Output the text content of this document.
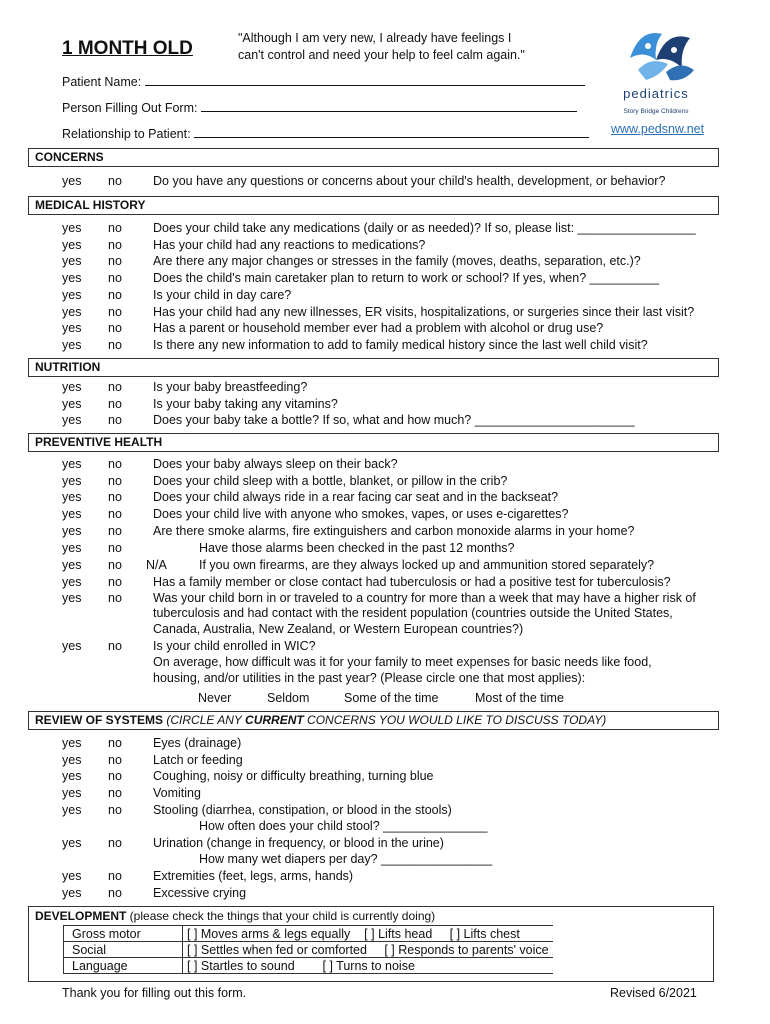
1 MONTH OLD	"Although I am very new, I already have feelings I can't control and need your help to feel calm again."
Patient Name:
Person Filling Out Form:
Relationship to Patient:
pediatrics
Story Bridge Childrens
www.pedsnw.net
CONCERNS
yes no Do you have any questions or concerns about your child's health, development, or behavior?
MEDICAL HISTORY
yes no Does your child take any medications (daily or as needed)? If so, please list: _________________
yes no Has your child had any reactions to medications?
yes no Are there any major changes or stresses in the family (moves, deaths, separation, etc.)?
yes no Does the child's main caretaker plan to return to work or school? If yes, when? __________
yes no Is your child in day care?
yes no Has your child had any new illnesses, ER visits, hospitalizations, or surgeries since their last visit?
yes no Has a parent or household member ever had a problem with alcohol or drug use?
yes no Is there any new information to add to family medical history since the last well child visit?
NUTRITION
yes no Is your baby breastfeeding?
yes no Is your baby taking any vitamins?
yes no Does your baby take a bottle? If so, what and how much? _______________________
PREVENTIVE HEALTH
yes no Does your baby always sleep on their back?
yes no Does your child sleep with a bottle, blanket, or pillow in the crib?
yes no Does your child always ride in a rear facing car seat and in the backseat?
yes no Does your child live with anyone who smokes, vapes, or uses e-cigarettes?
yes no Are there smoke alarms, fire extinguishers and carbon monoxide alarms in your home?
yes no	Have those alarms been checked in the past 12 months?
yes no N/A	If you own firearms, are they always locked up and ammunition stored separately?
yes no Has a family member or close contact had tuberculosis or had a positive test for tuberculosis?
yes no Was your child born in or traveled to a country for more than a week that may have a higher risk of
tuberculosis and had contact with the resident population (countries outside the United States,
Canada, Australia, New Zealand, or Western European countries?)
yes no Is your child enrolled in WIC?
On average, how difficult was it for your family to meet expenses for basic needs like food,
housing, and/or utilities in the past year? (Please circle one that most applies):
Never	Seldom	Some of the time	Most of the time
REVIEW OF SYSTEMS (CIRCLE ANY CURRENT CONCERNS YOU WOULD LIKE TO DISCUSS TODAY)
yes no Eyes (drainage)
yes no Latch or feeding
yes no Coughing, noisy or difficulty breathing, turning blue
yes no Vomiting
yes no Stooling (diarrhea, constipation, or blood in the stools)
How often does your child stool? _______________
yes no Urination (change in frequency, or blood in the urine)
How many wet diapers per day? ________________
yes no Extremities (feet, legs, arms, hands)
yes no Excessive crying
DEVELOPMENT (please check the things that your child is currently doing)
Gross motor	[ ] Moves arms & legs equally [ ] Lifts head [ ] Lifts chest
Social	[ ] Settles when fed or comforted [ ] Responds to parents' voice
Language	[ ] Startles to sound [ ] Turns to noise
Thank you for filling out this form.	Revised 6/2021
